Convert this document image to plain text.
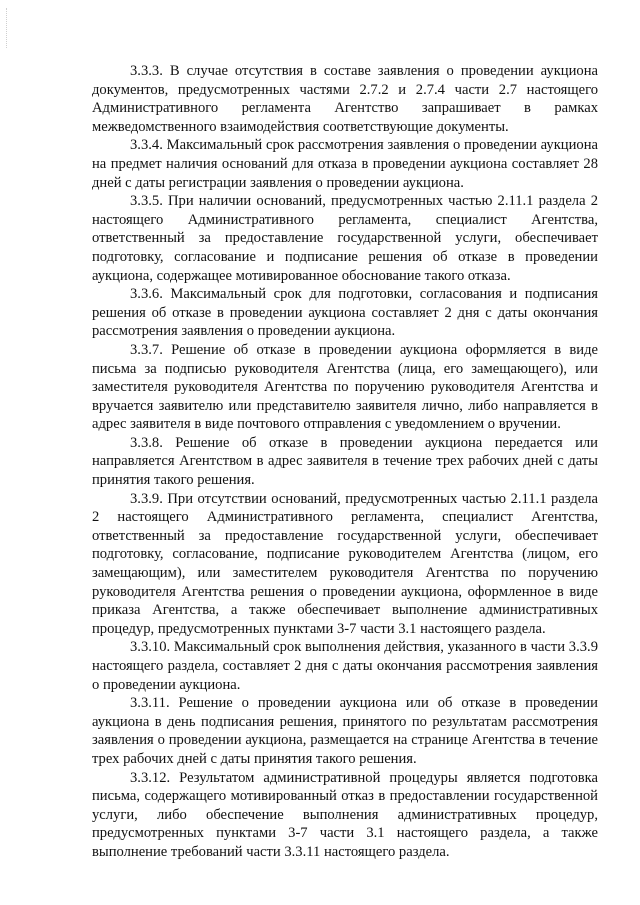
3.3.3. В случае отсутствия в составе заявления о проведении аукциона документов, предусмотренных частями 2.7.2 и 2.7.4 части 2.7 настоящего Административного регламента Агентство запрашивает в рамках межведомственного взаимодействия соответствующие документы.

3.3.4. Максимальный срок рассмотрения заявления о проведении аукциона на предмет наличия оснований для отказа в проведении аукциона составляет 28 дней с даты регистрации заявления о проведении аукциона.

3.3.5. При наличии оснований, предусмотренных частью 2.11.1 раздела 2 настоящего Административного регламента, специалист Агентства, ответственный за предоставление государственной услуги, обеспечивает подготовку, согласование и подписание решения об отказе в проведении аукциона, содержащее мотивированное обоснование такого отказа.

3.3.6. Максимальный срок для подготовки, согласования и подписания решения об отказе в проведении аукциона составляет 2 дня с даты окончания рассмотрения заявления о проведении аукциона.

3.3.7. Решение об отказе в проведении аукциона оформляется в виде письма за подписью руководителя Агентства (лица, его замещающего), или заместителя руководителя Агентства по поручению руководителя Агентства и вручается заявителю или представителю заявителя лично, либо направляется в адрес заявителя в виде почтового отправления с уведомлением о вручении.

3.3.8. Решение об отказе в проведении аукциона передается или направляется Агентством в адрес заявителя в течение трех рабочих дней с даты принятия такого решения.

3.3.9. При отсутствии оснований, предусмотренных частью 2.11.1 раздела 2 настоящего Административного регламента, специалист Агентства, ответственный за предоставление государственной услуги, обеспечивает подготовку, согласование, подписание руководителем Агентства (лицом, его замещающим), или заместителем руководителя Агентства по поручению руководителя Агентства решения о проведении аукциона, оформленное в виде приказа Агентства, а также обеспечивает выполнение административных процедур, предусмотренных пунктами 3-7 части 3.1 настоящего раздела.

3.3.10. Максимальный срок выполнения действия, указанного в части 3.3.9 настоящего раздела, составляет 2 дня с даты окончания рассмотрения заявления о проведении аукциона.

3.3.11. Решение о проведении аукциона или об отказе в проведении аукциона в день подписания решения, принятого по результатам рассмотрения заявления о проведении аукциона, размещается на странице Агентства в течение трех рабочих дней с даты принятия такого решения.

3.3.12. Результатом административной процедуры является подготовка письма, содержащего мотивированный отказ в предоставлении государственной услуги, либо обеспечение выполнения административных процедур, предусмотренных пунктами 3-7 части 3.1 настоящего раздела, а также выполнение требований части 3.3.11 настоящего раздела.
